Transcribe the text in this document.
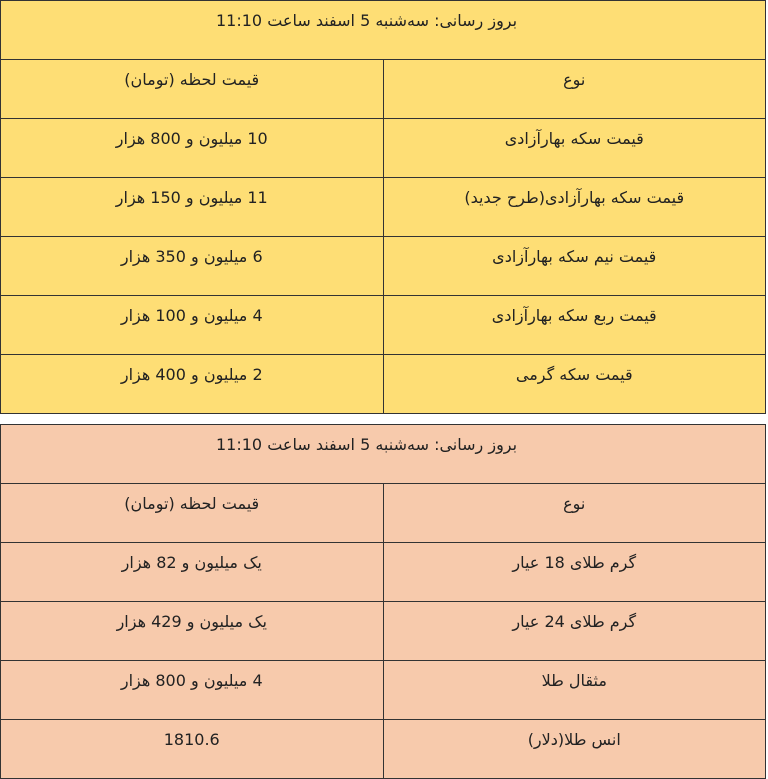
بروز رسانی: سه‌شنبه 5 اسفند ساعت 11:10	
نوع	قیمت لحظه (تومان)
قیمت سکه بهارآزادی	10 میلیون و 800 هزار
قیمت سکه بهارآزادی(طرح جدید)	11 میلیون و 150 هزار
قیمت نیم سکه بهارآزادی	6 میلیون و 350 هزار
قیمت ربع سکه بهارآزادی	4 میلیون و 100 هزار
قیمت سکه گرمی	2 میلیون و 400 هزار
بروز رسانی: سه‌شنبه 5 اسفند ساعت 11:10	
نوع	قیمت لحظه (تومان)
گرم طلای 18 عیار	یک میلیون و 82 هزار
گرم طلای 24 عیار	یک میلیون و 429 هزار
مثقال طلا	4 میلیون و 800 هزار
انس طلا(دلار)	1810.6
